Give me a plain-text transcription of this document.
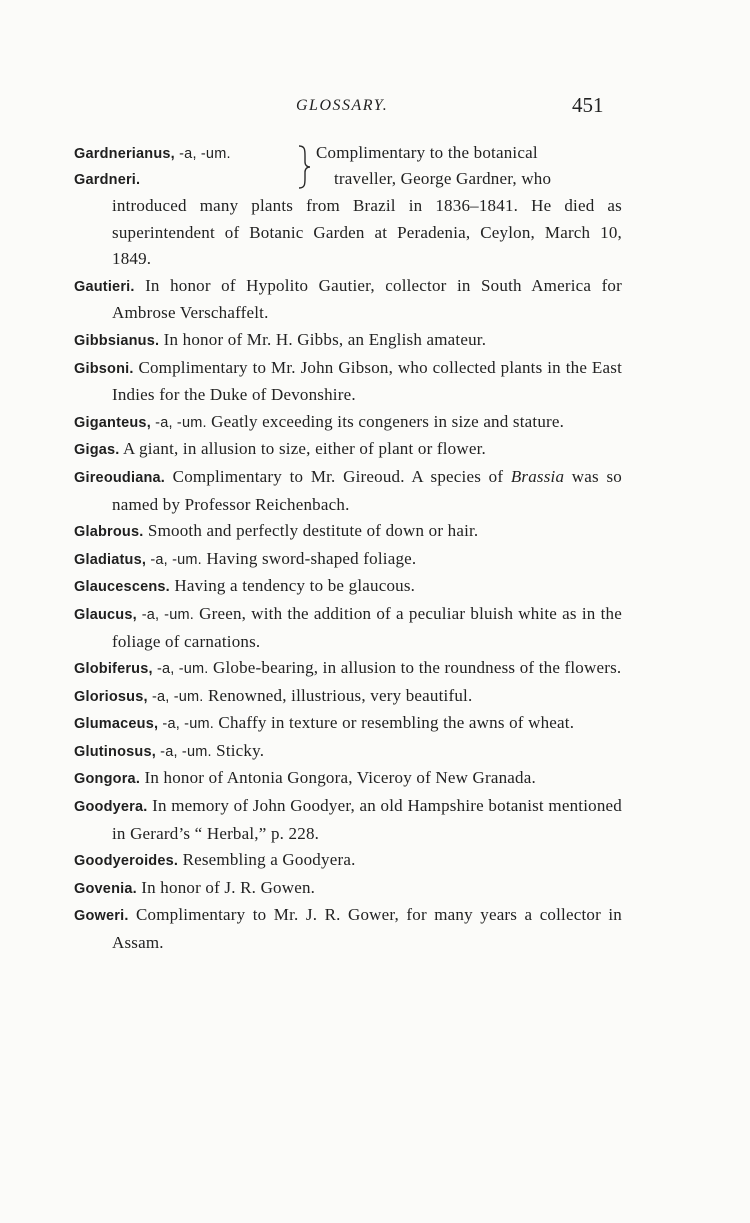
GLOSSARY.	451
Gardnerianus, -a, -um.
Gardneri.
Complimentary to the botanical
traveller, George Gardner, who

introduced many plants from Brazil in 1836–1841. He died as superintendent of Botanic Garden at Peradenia, Ceylon, March 10, 1849.

Gautieri. In honor of Hypolito Gautier, collector in South America for Ambrose Verschaffelt.

Gibbsianus. In honor of Mr. H. Gibbs, an English amateur.

Gibsoni. Complimentary to Mr. John Gibson, who collected plants in the East Indies for the Duke of Devonshire.

Giganteus, -a, -um. Geatly exceeding its congeners in size and stature.

Gigas. A giant, in allusion to size, either of plant or flower.

Gireoudiana. Complimentary to Mr. Gireoud. A species of Brassia was so named by Professor Reichenbach.

Glabrous. Smooth and perfectly destitute of down or hair.

Gladiatus, -a, -um. Having sword-shaped foliage.

Glaucescens. Having a tendency to be glaucous.

Glaucus, -a, -um. Green, with the addition of a peculiar bluish white as in the foliage of carnations.

Globiferus, -a, -um. Globe-bearing, in allusion to the roundness of the flowers.

Gloriosus, -a, -um. Renowned, illustrious, very beautiful.

Glumaceus, -a, -um. Chaffy in texture or resembling the awns of wheat.

Glutinosus, -a, -um. Sticky.

Gongora. In honor of Antonia Gongora, Viceroy of New Granada.

Goodyera. In memory of John Goodyer, an old Hampshire botanist mentioned in Gerard’s “ Herbal,” p. 228.

Goodyeroides. Resembling a Goodyera.

Govenia. In honor of J. R. Gowen.

Goweri. Complimentary to Mr. J. R. Gower, for many years a collector in Assam.
